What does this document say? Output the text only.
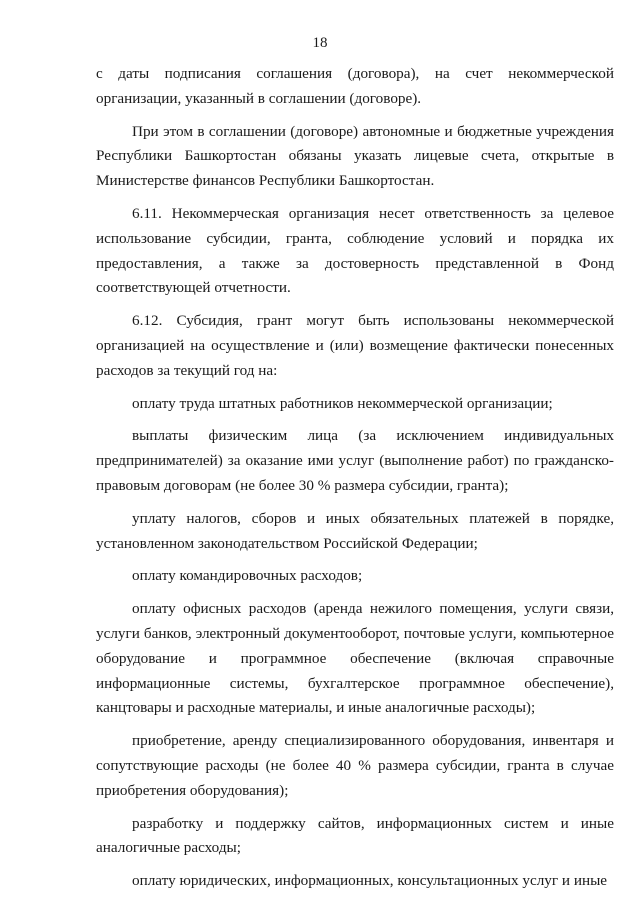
18

с даты подписания соглашения (договора), на счет некоммерческой организации, указанный в соглашении (договоре).

При этом в соглашении (договоре) автономные и бюджетные учреждения Республики Башкортостан обязаны указать лицевые счета, открытые в Министерстве финансов Республики Башкортостан.

6.11. Некоммерческая организация несет ответственность за целевое использование субсидии, гранта, соблюдение условий и порядка их предоставления, а также за достоверность представленной в Фонд соответствующей отчетности.

6.12. Субсидия, грант могут быть использованы некоммерческой организацией на осуществление и (или) возмещение фактически понесенных расходов за текущий год на:

оплату труда штатных работников некоммерческой организации;

выплаты физическим лица (за исключением индивидуальных предпринимателей) за оказание ими услуг (выполнение работ) по гражданско-правовым договорам (не более 30 % размера субсидии, гранта);

уплату налогов, сборов и иных обязательных платежей в порядке, установленном законодательством Российской Федерации;

оплату командировочных расходов;

оплату офисных расходов (аренда нежилого помещения, услуги связи, услуги банков, электронный документооборот, почтовые услуги, компьютерное оборудование и программное обеспечение (включая справочные информационные системы, бухгалтерское программное обеспечение), канцтовары и расходные материалы, и иные аналогичные расходы);

приобретение, аренду специализированного оборудования, инвентаря и сопутствующие расходы (не более 40 % размера субсидии, гранта в случае приобретения оборудования);

разработку и поддержку сайтов, информационных систем и иные аналогичные расходы;

оплату юридических, информационных, консультационных услуг и иные
